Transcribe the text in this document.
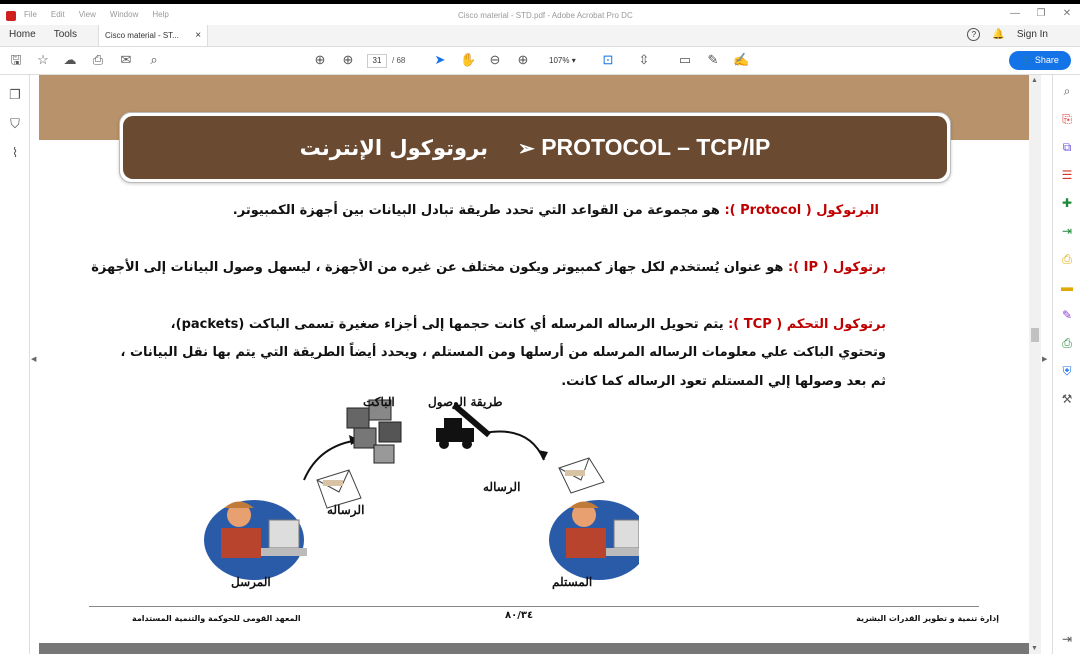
File Edit View Window Help	Cisco material - STD.pdf - Adobe Acrobat Pro DC	—	❐	✕
Home	Tools	Cisco material - ST... ×	?	🔔 Sign In
🖫 ☆ ☁ ⎙ ✉	⌕	⊕ ⊕	31	/ 68 ➤ ✋ ⊖ ⊕	107% ▾	⊡ ⇳ ▭ ✎ ✍	👤 Share
❐
⛉
⌇
◀
بروتوكول الإنترنت ➢ PROTOCOL – TCP/IP
البرتوكول ( Protocol ): هو مجموعة من القواعد التي تحدد طريقة تبادل البيانات بين أجهزة الكمبيوتر.
برتوكول ( IP ): هو عنوان يُستخدم لكل جهاز كمبيوتر ويكون مختلف عن غيره من الأجهزة ، ليسهل وصول البيانات إلى الأجهزة
برتوكول التحكم ( TCP ): يتم تحويل الرساله المرسله أي كانت حجمها إلى أجزاء صغيرة تسمى الباكت (packets)،
وتحتوي الباكت علي معلومات الرساله المرسله من أرسلها ومن المستلم ، ويحدد أيضاً الطريقة التي يتم بها نقل البيانات ،
ثم بعد وصولها إلي المستلم تعود الرساله كما كانت.
الباكت	طريقة الوصول
الرساله
الرساله
المرسل	المستلم
إدارة تنمية و تطوير القدرات البشرية
٨٠/٣٤
المعهد القومى للحوكمة والتنمية المستدامة
▲
▼
▶
⌕
⎘
⧉
☰
✚
⇥
⎙
▬
✎
⎙
⛨
⚒
⇥
